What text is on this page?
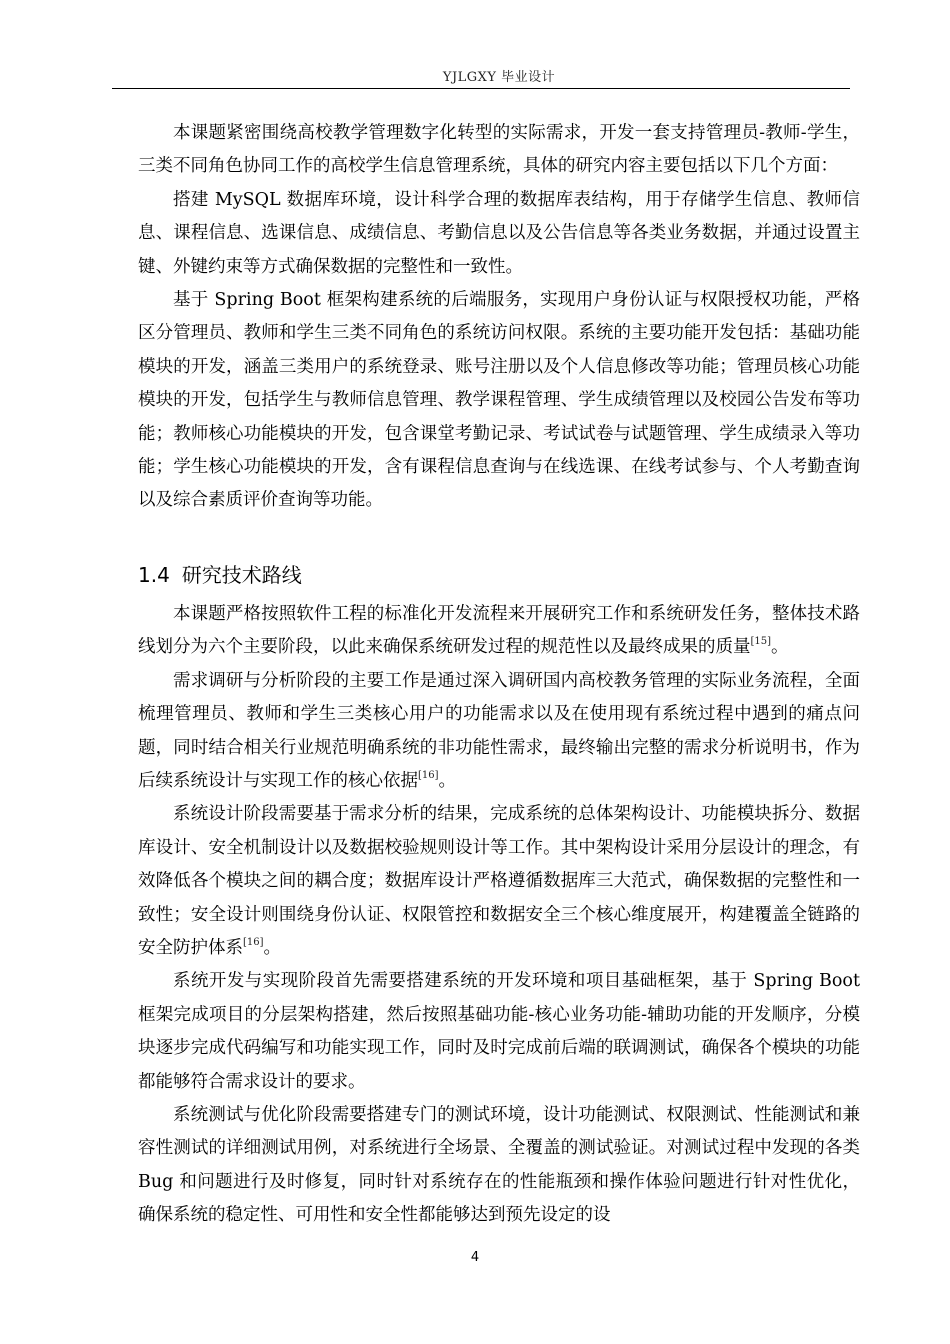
YJLGXY 毕业设计

本课题紧密围绕高校教学管理数字化转型的实际需求，开发一套支持管理员-教师-学生，三类不同角色协同工作的高校学生信息管理系统，具体的研究内容主要包括以下几个方面：

搭建 MySQL 数据库环境，设计科学合理的数据库表结构，用于存储学生信息、教师信息、课程信息、选课信息、成绩信息、考勤信息以及公告信息等各类业务数据，并通过设置主键、外键约束等方式确保数据的完整性和一致性。

基于 Spring Boot 框架构建系统的后端服务，实现用户身份认证与权限授权功能，严格区分管理员、教师和学生三类不同角色的系统访问权限。系统的主要功能开发包括：基础功能模块的开发，涵盖三类用户的系统登录、账号注册以及个人信息修改等功能；管理员核心功能模块的开发，包括学生与教师信息管理、教学课程管理、学生成绩管理以及校园公告发布等功能；教师核心功能模块的开发，包含课堂考勤记录、考试试卷与试题管理、学生成绩录入等功能；学生核心功能模块的开发，含有课程信息查询与在线选课、在线考试参与、个人考勤查询以及综合素质评价查询等功能。

1.4 研究技术路线

本课题严格按照软件工程的标准化开发流程来开展研究工作和系统研发任务，整体技术路线划分为六个主要阶段，以此来确保系统研发过程的规范性以及最终成果的质量[15]。

需求调研与分析阶段的主要工作是通过深入调研国内高校教务管理的实际业务流程，全面梳理管理员、教师和学生三类核心用户的功能需求以及在使用现有系统过程中遇到的痛点问题，同时结合相关行业规范明确系统的非功能性需求，最终输出完整的需求分析说明书，作为后续系统设计与实现工作的核心依据[16]。

系统设计阶段需要基于需求分析的结果，完成系统的总体架构设计、功能模块拆分、数据库设计、安全机制设计以及数据校验规则设计等工作。其中架构设计采用分层设计的理念，有效降低各个模块之间的耦合度；数据库设计严格遵循数据库三大范式，确保数据的完整性和一致性；安全设计则围绕身份认证、权限管控和数据安全三个核心维度展开，构建覆盖全链路的安全防护体系[16]。

系统开发与实现阶段首先需要搭建系统的开发环境和项目基础框架，基于 Spring Boot 框架完成项目的分层架构搭建，然后按照基础功能-核心业务功能-辅助功能的开发顺序，分模块逐步完成代码编写和功能实现工作，同时及时完成前后端的联调测试，确保各个模块的功能都能够符合需求设计的要求。

系统测试与优化阶段需要搭建专门的测试环境，设计功能测试、权限测试、性能测试和兼容性测试的详细测试用例，对系统进行全场景、全覆盖的测试验证。对测试过程中发现的各类 Bug 和问题进行及时修复，同时针对系统存在的性能瓶颈和操作体验问题进行针对性优化，确保系统的稳定性、可用性和安全性都能够达到预先设定的设

4
